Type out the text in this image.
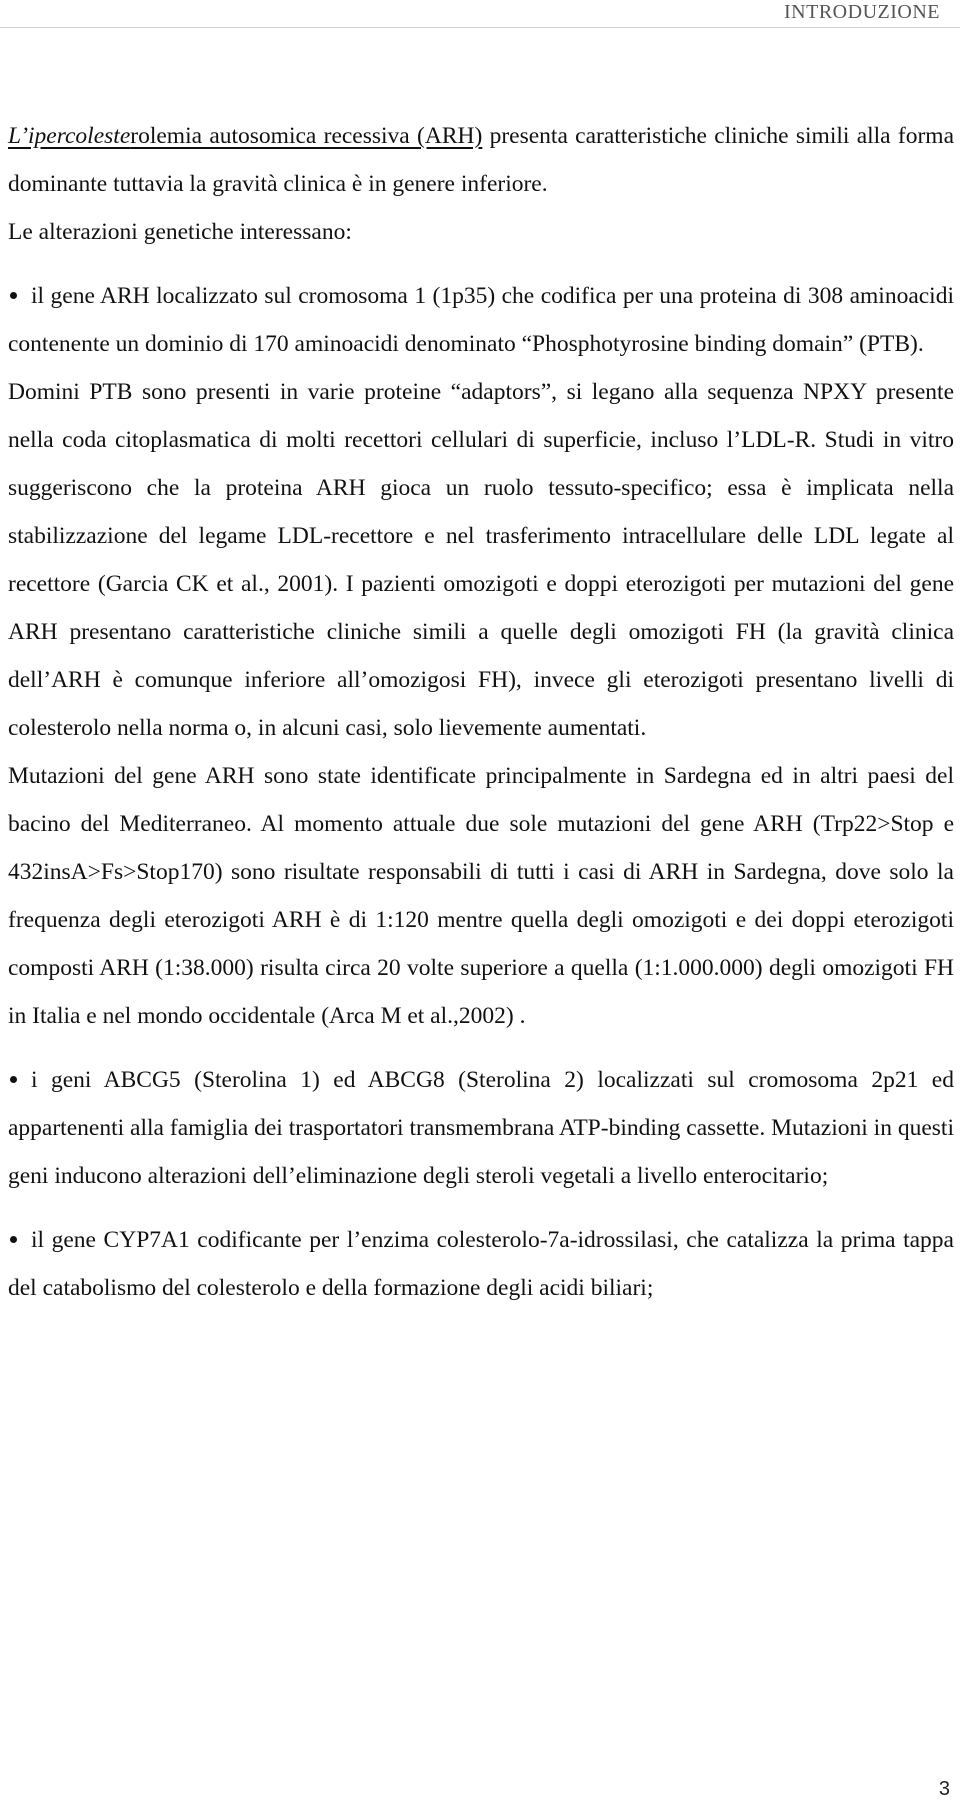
INTRODUZIONE

L’ipercolesterolemia autosomica recessiva (ARH) presenta caratteristiche cliniche simili alla forma dominante tuttavia la gravità clinica è in genere inferiore.

Le alterazioni genetiche interessano:

il gene ARH localizzato sul cromosoma 1 (1p35) che codifica per una proteina di 308 aminoacidi contenente un dominio di 170 aminoacidi denominato “Phosphotyrosine binding domain” (PTB).

Domini PTB sono presenti in varie proteine “adaptors”, si legano alla sequenza NPXY presente nella coda citoplasmatica di molti recettori cellulari di superficie, incluso l’LDL-R. Studi in vitro suggeriscono che la proteina ARH gioca un ruolo tessuto-specifico; essa è implicata nella stabilizzazione del legame LDL-recettore e nel trasferimento intracellulare delle LDL legate al recettore (Garcia CK et al., 2001). I pazienti omozigoti e doppi eterozigoti per mutazioni del gene ARH presentano caratteristiche cliniche simili a quelle degli omozigoti FH (la gravità clinica dell’ARH è comunque inferiore all’omozigosi FH), invece gli eterozigoti presentano livelli di colesterolo nella norma o, in alcuni casi, solo lievemente aumentati.

Mutazioni del gene ARH sono state identificate principalmente in Sardegna ed in altri paesi del bacino del Mediterraneo. Al momento attuale due sole mutazioni del gene ARH (Trp22>Stop e 432insA>Fs>Stop170) sono risultate responsabili di tutti i casi di ARH in Sardegna, dove solo la frequenza degli eterozigoti ARH è di 1:120 mentre quella degli omozigoti e dei doppi eterozigoti composti ARH (1:38.000) risulta circa 20 volte superiore a quella (1:1.000.000) degli omozigoti FH in Italia e nel mondo occidentale (Arca M et al.,2002) .

i geni ABCG5 (Sterolina 1) ed ABCG8 (Sterolina 2) localizzati sul cromosoma 2p21 ed appartenenti alla famiglia dei trasportatori transmembrana ATP-binding cassette. Mutazioni in questi geni inducono alterazioni dell’eliminazione degli steroli vegetali a livello enterocitario;

il gene CYP7A1 codificante per l’enzima colesterolo-7a-idrossilasi, che catalizza la prima tappa del catabolismo del colesterolo e della formazione degli acidi biliari;

3
